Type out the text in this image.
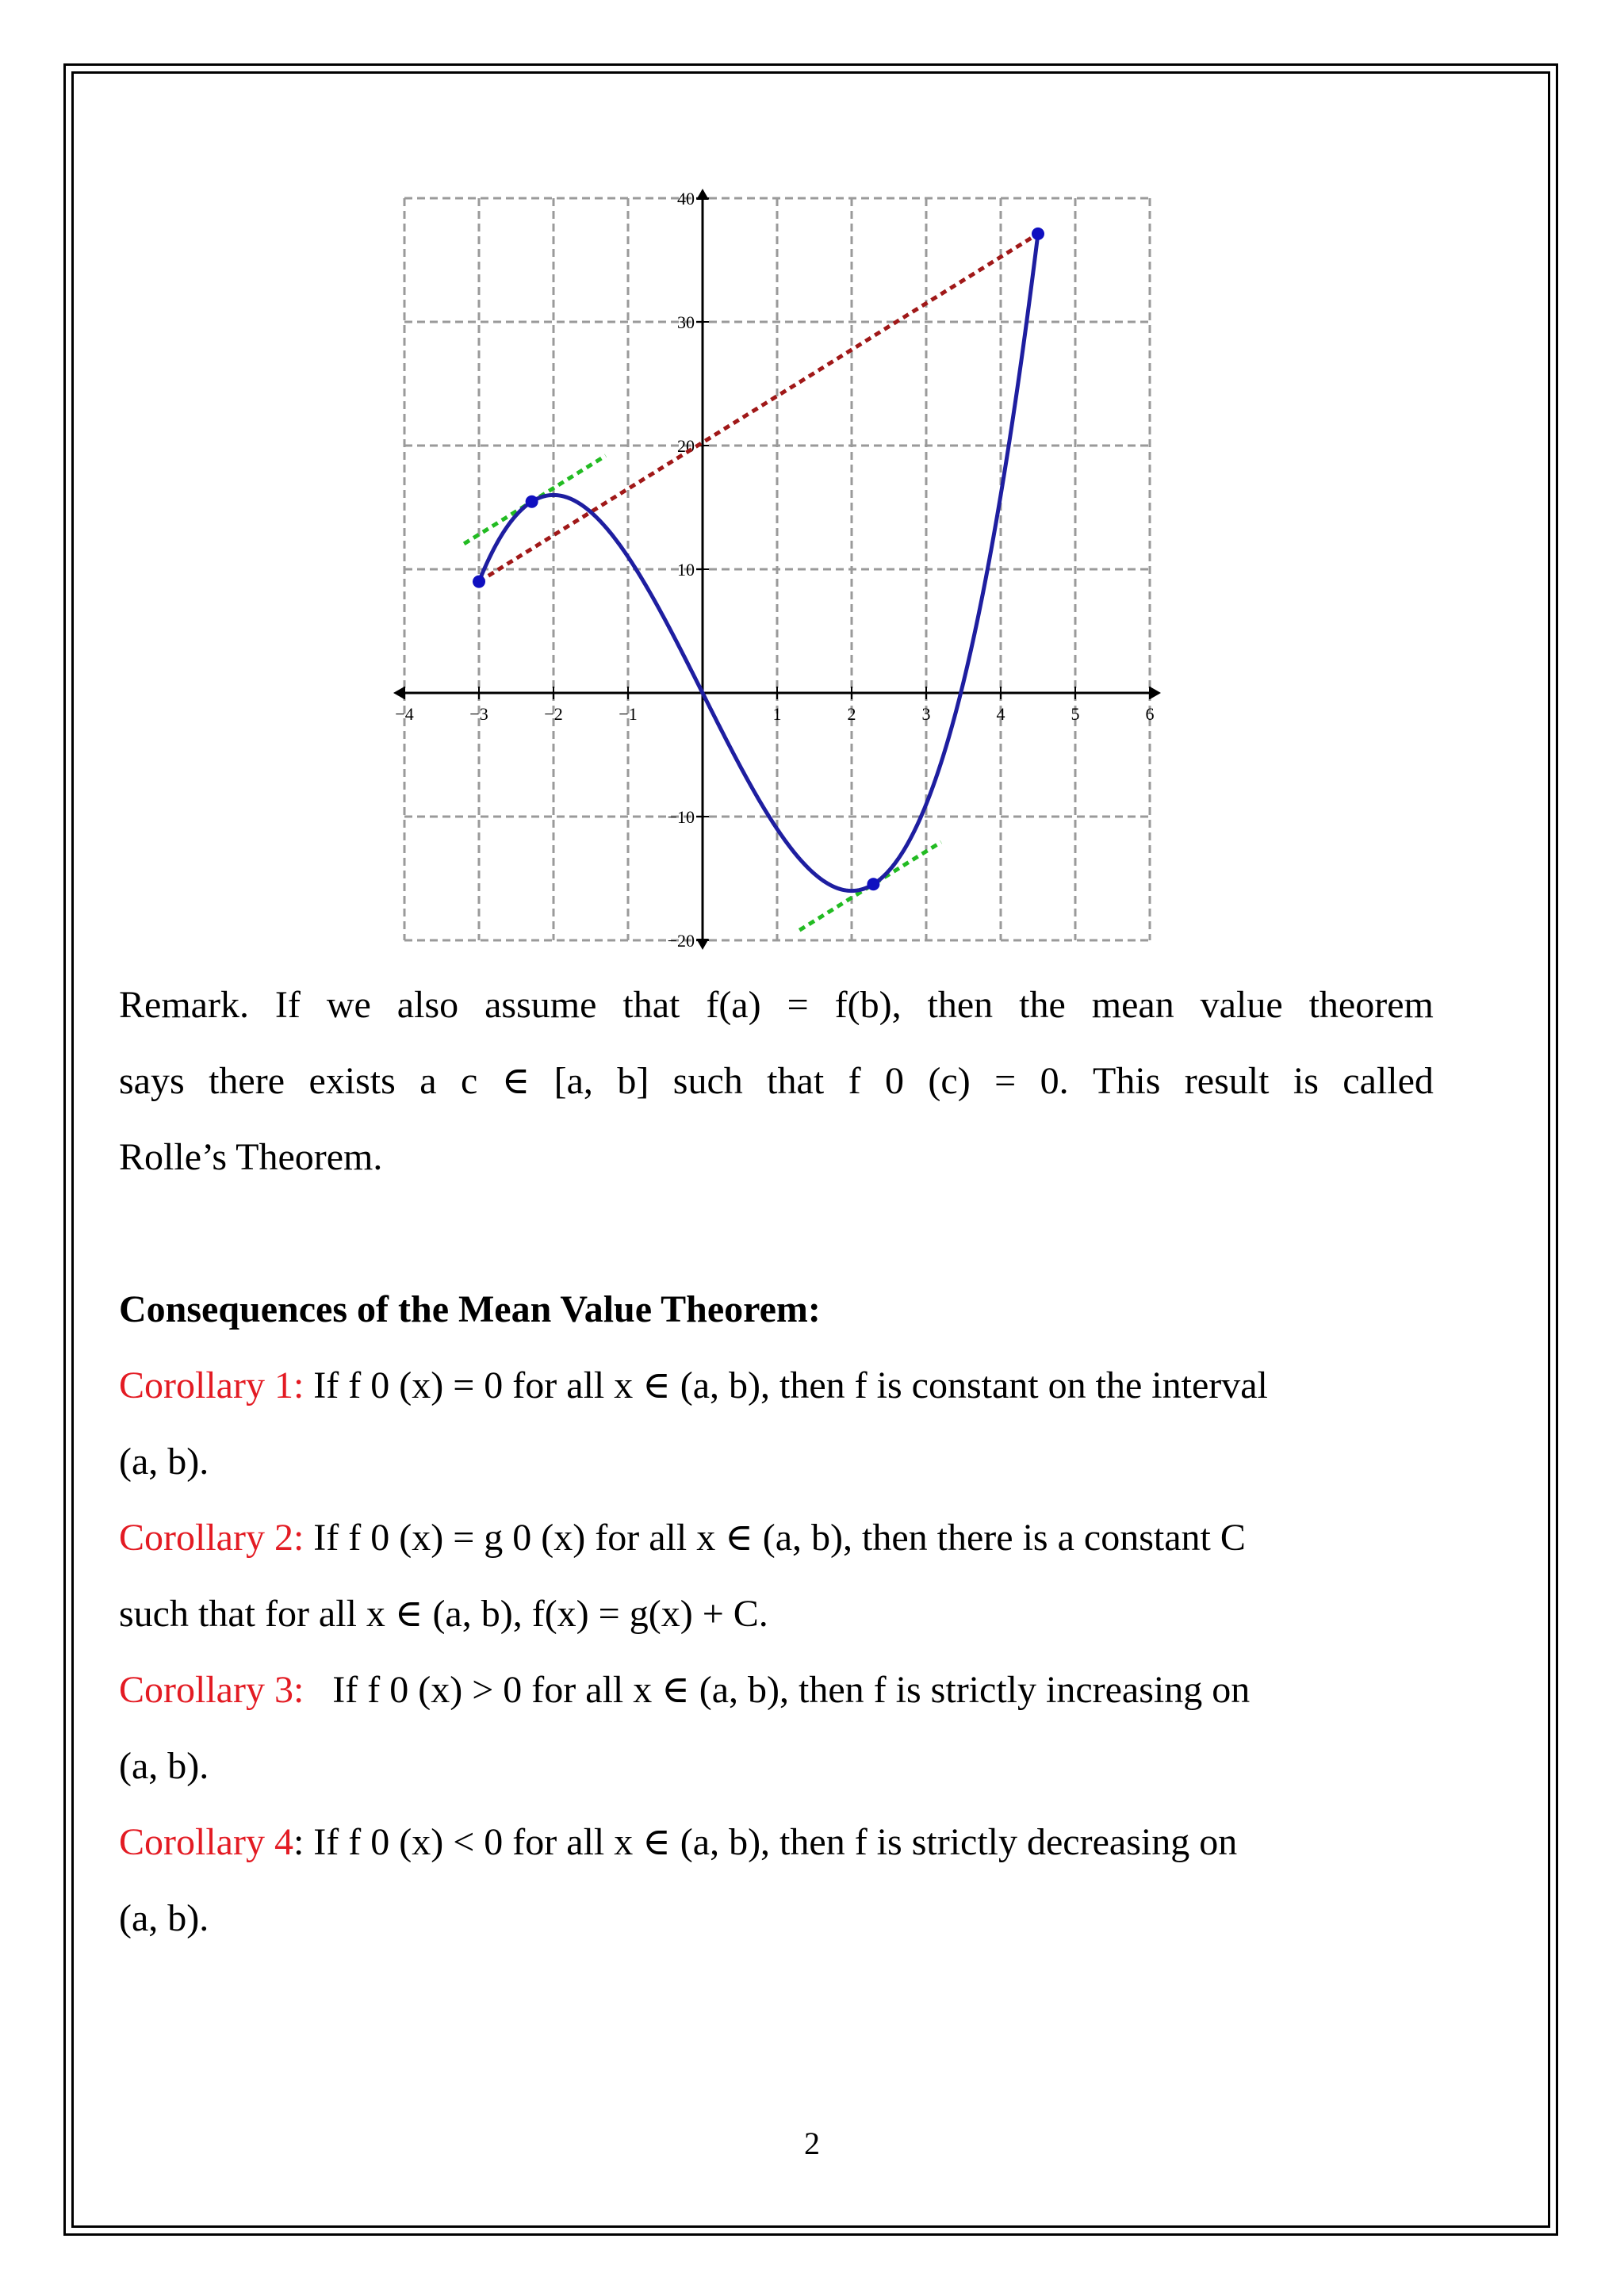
−4	−3	−2	−1	1	2	3	4	5	6
40
30
20
10
−10
−20
Remark. If we also assume that f(a) = f(b), then the mean value theorem
says there exists a c ∈ [a, b] such that f 0 (c) = 0. This result is called
Rolle’s Theorem.
Consequences of the Mean Value Theorem:
Corollary 1: If f 0 (x) = 0 for all x ∈ (a, b), then f is constant on the interval
(a, b).
Corollary 2: If f 0 (x) = g 0 (x) for all x ∈ (a, b), then there is a constant C
such that for all x ∈ (a, b), f(x) = g(x) + C.
Corollary 3: If f 0 (x) > 0 for all x ∈ (a, b), then f is strictly increasing on
(a, b).
Corollary 4: If f 0 (x) < 0 for all x ∈ (a, b), then f is strictly decreasing on
(a, b).
2
